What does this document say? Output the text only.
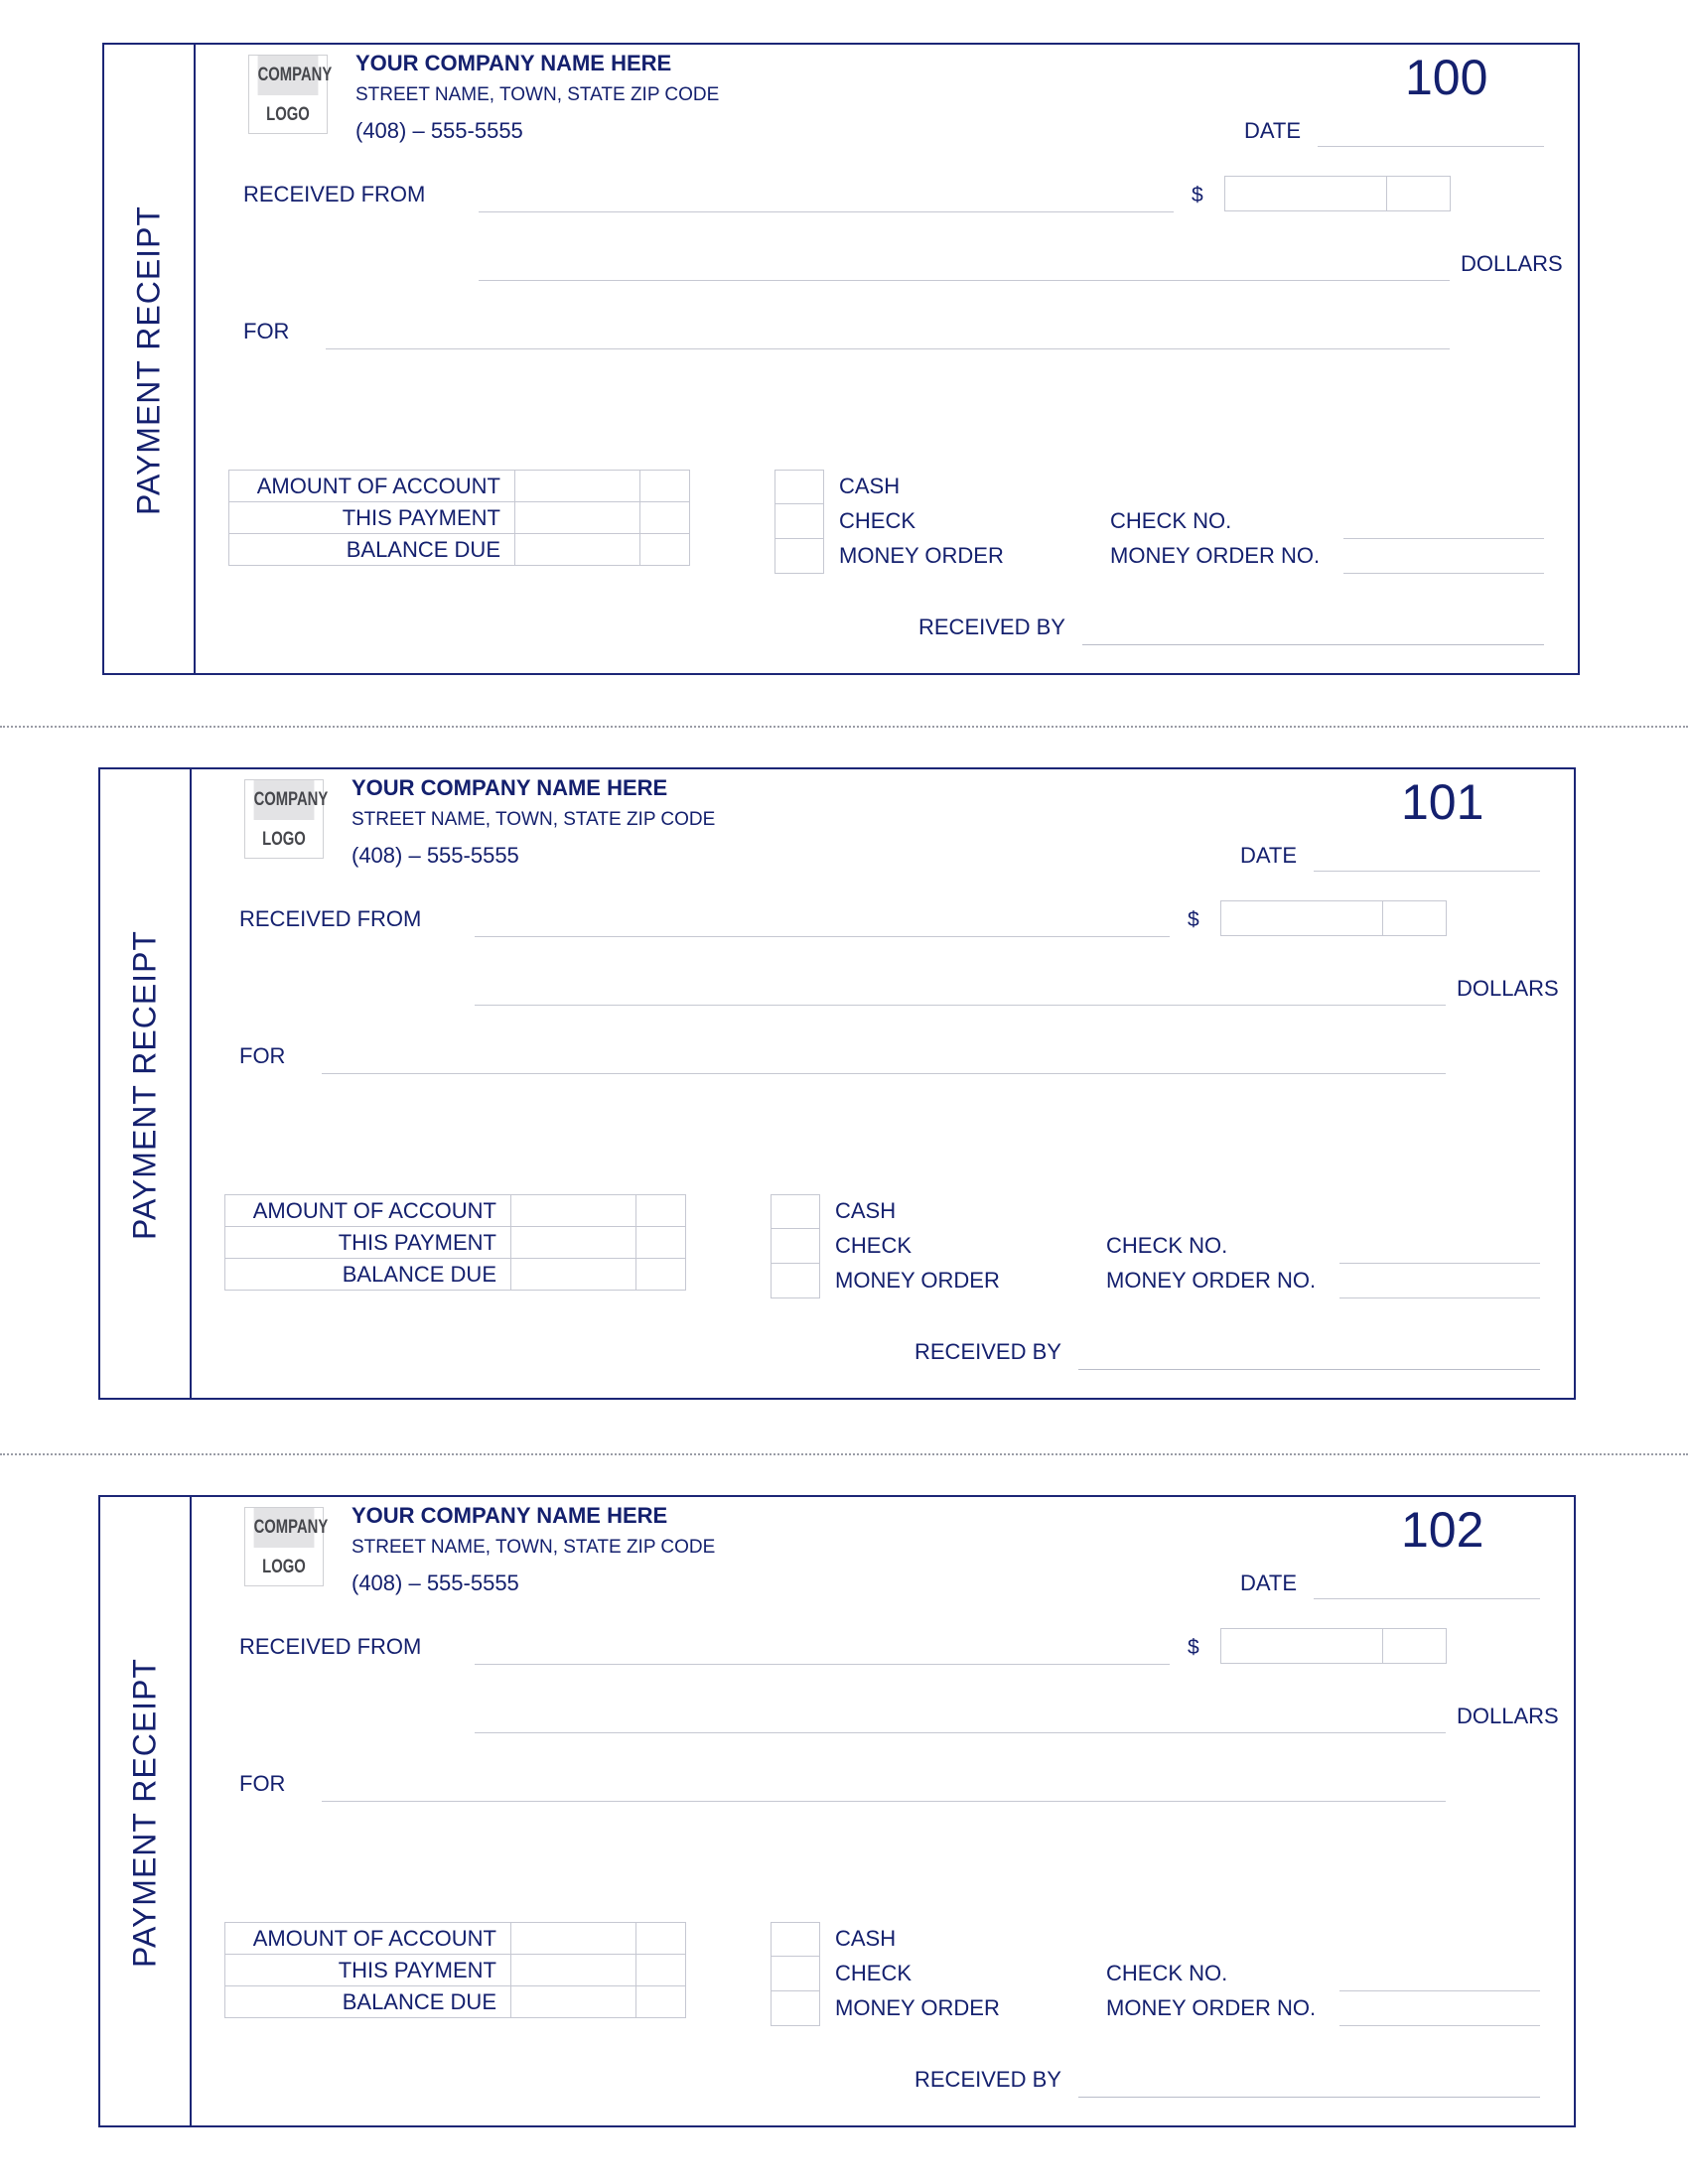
PAYMENT RECEIPT
COMPANY
LOGO
YOUR COMPANY NAME HERE
STREET NAME, TOWN, STATE ZIP CODE
(408) – 555-5555
100
DATE
RECEIVED FROM	$
DOLLARS
FOR
AMOUNT OF ACCOUNT		
THIS PAYMENT		
BALANCE DUE		
CASH
CHECK
MONEY ORDER
CHECK NO.
MONEY ORDER NO.
RECEIVED BY
PAYMENT RECEIPT
COMPANY
LOGO
YOUR COMPANY NAME HERE
STREET NAME, TOWN, STATE ZIP CODE
(408) – 555-5555
101
DATE
RECEIVED FROM	$
DOLLARS
FOR
AMOUNT OF ACCOUNT		
THIS PAYMENT		
BALANCE DUE		
CASH
CHECK
MONEY ORDER
CHECK NO.
MONEY ORDER NO.
RECEIVED BY
PAYMENT RECEIPT
COMPANY
LOGO
YOUR COMPANY NAME HERE
STREET NAME, TOWN, STATE ZIP CODE
(408) – 555-5555
102
DATE
RECEIVED FROM	$
DOLLARS
FOR
AMOUNT OF ACCOUNT		
THIS PAYMENT		
BALANCE DUE		
CASH
CHECK
MONEY ORDER
CHECK NO.
MONEY ORDER NO.
RECEIVED BY
